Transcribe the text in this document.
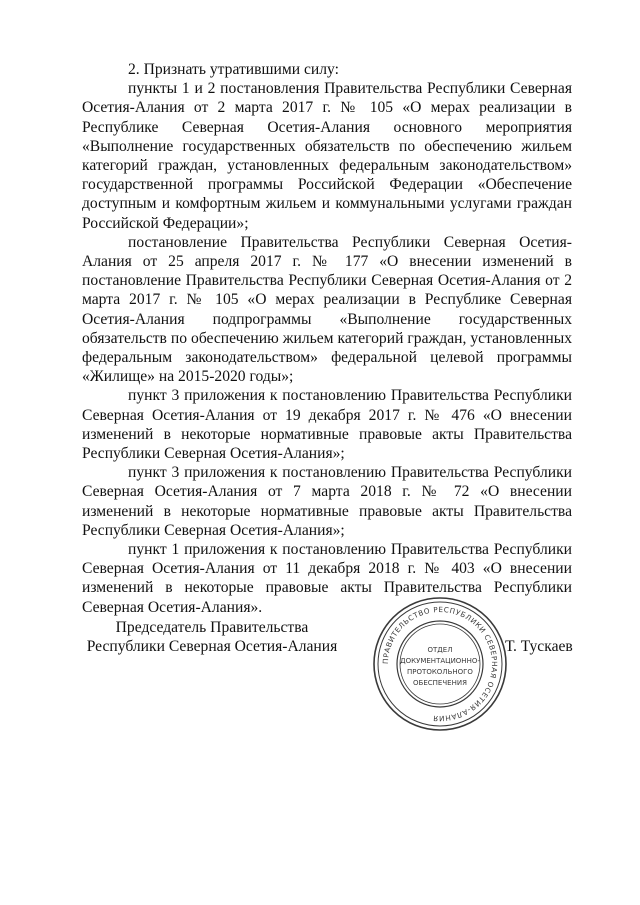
2. Признать утратившими силу:

пункты 1 и 2 постановления Правительства Республики Северная Осетия-Алания от 2 марта 2017 г. № 105 «О мерах реализации в Республике Северная Осетия-Алания основного мероприятия «Выполнение государственных обязательств по обеспечению жильем категорий граждан, установленных федеральным законодательством» государственной программы Российской Федерации «Обеспечение доступным и комфортным жильем и коммунальными услугами граждан Российской Федерации»;

постановление Правительства Республики Северная Осетия-Алания от 25 апреля 2017 г. № 177 «О внесении изменений в постановление Правительства Республики Северная Осетия-Алания от 2 марта 2017 г. № 105 «О мерах реализации в Республике Северная Осетия-Алания подпрограммы «Выполнение государственных обязательств по обеспечению жильем категорий граждан, установленных федеральным законодательством» федеральной целевой программы «Жилище» на 2015-2020 годы»;

пункт 3 приложения к постановлению Правительства Республики Северная Осетия-Алания от 19 декабря 2017 г. № 476 «О внесении изменений в некоторые нормативные правовые акты Правительства Республики Северная Осетия-Алания»;

пункт 3 приложения к постановлению Правительства Республики Северная Осетия-Алания от 7 марта 2018 г. № 72 «О внесении изменений в некоторые нормативные правовые акты Правительства Республики Северная Осетия-Алания»;

пункт 1 приложения к постановлению Правительства Республики Северная Осетия-Алания от 11 декабря 2018 г. № 403 «О внесении изменений в некоторые правовые акты Правительства Республики Северная Осетия-Алания».

Председатель Правительства
Республики Северная Осетия-Алания
ПРАВИТЕЛЬСТВО РЕСПУБЛИКИ СЕВЕРНАЯ ОСЕТИЯ-АЛАНИЯ
ОТДЕЛ
ДОКУМЕНТАЦИОННО-
ПРОТОКОЛЬНОГО
ОБЕСПЕЧЕНИЯ
Т. Тускаев
